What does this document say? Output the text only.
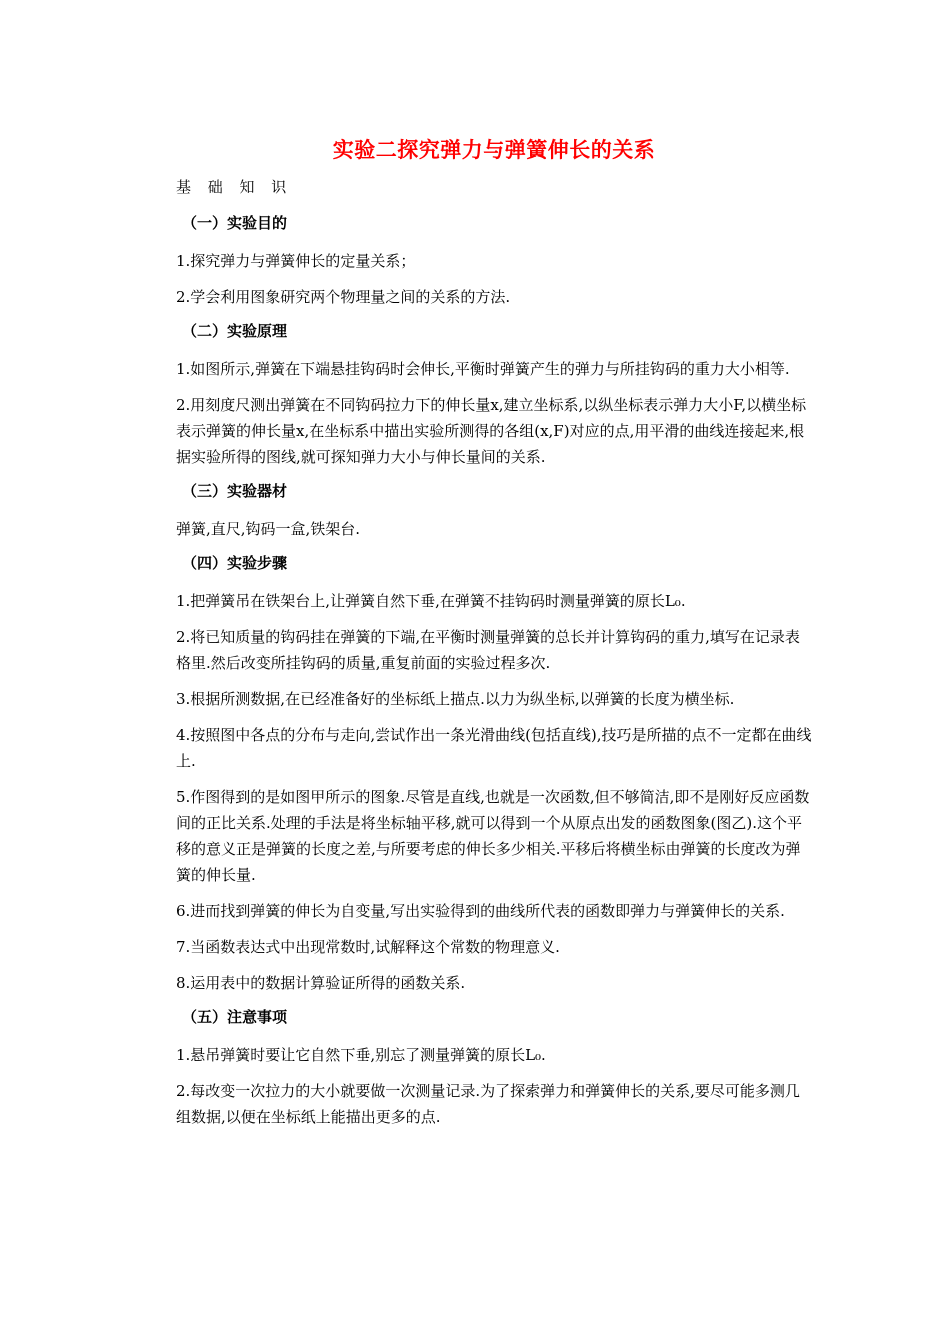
实验二探究弹力与弹簧伸长的关系
基 础 知 识
（一）实验目的

1.探究弹力与弹簧伸长的定量关系；

2.学会利用图象研究两个物理量之间的关系的方法.

（二）实验原理

1.如图所示,弹簧在下端悬挂钩码时会伸长,平衡时弹簧产生的弹力与所挂钩码的重力大小相等.

2.用刻度尺测出弹簧在不同钩码拉力下的伸长量x,建立坐标系,以纵坐标表示弹力大小F,以横坐标表示弹簧的伸长量x,在坐标系中描出实验所测得的各组(x,F)对应的点,用平滑的曲线连接起来,根据实验所得的图线,就可探知弹力大小与伸长量间的关系.

（三）实验器材

弹簧,直尺,钩码一盒,铁架台.

（四）实验步骤

1.把弹簧吊在铁架台上,让弹簧自然下垂,在弹簧不挂钩码时测量弹簧的原长L₀.

2.将已知质量的钩码挂在弹簧的下端,在平衡时测量弹簧的总长并计算钩码的重力,填写在记录表格里.然后改变所挂钩码的质量,重复前面的实验过程多次.

3.根据所测数据,在已经准备好的坐标纸上描点.以力为纵坐标,以弹簧的长度为横坐标.

4.按照图中各点的分布与走向,尝试作出一条光滑曲线(包括直线),技巧是所描的点不一定都在曲线上.

5.作图得到的是如图甲所示的图象.尽管是直线,也就是一次函数,但不够简洁,即不是刚好反应函数间的正比关系.处理的手法是将坐标轴平移,就可以得到一个从原点出发的函数图象(图乙).这个平移的意义正是弹簧的长度之差,与所要考虑的伸长多少相关.平移后将横坐标由弹簧的长度改为弹簧的伸长量.

6.进而找到弹簧的伸长为自变量,写出实验得到的曲线所代表的函数即弹力与弹簧伸长的关系.

7.当函数表达式中出现常数时,试解释这个常数的物理意义.

8.运用表中的数据计算验证所得的函数关系.

（五）注意事项

1.悬吊弹簧时要让它自然下垂,别忘了测量弹簧的原长L₀.

2.每改变一次拉力的大小就要做一次测量记录.为了探索弹力和弹簧伸长的关系,要尽可能多测几组数据,以便在坐标纸上能描出更多的点.
